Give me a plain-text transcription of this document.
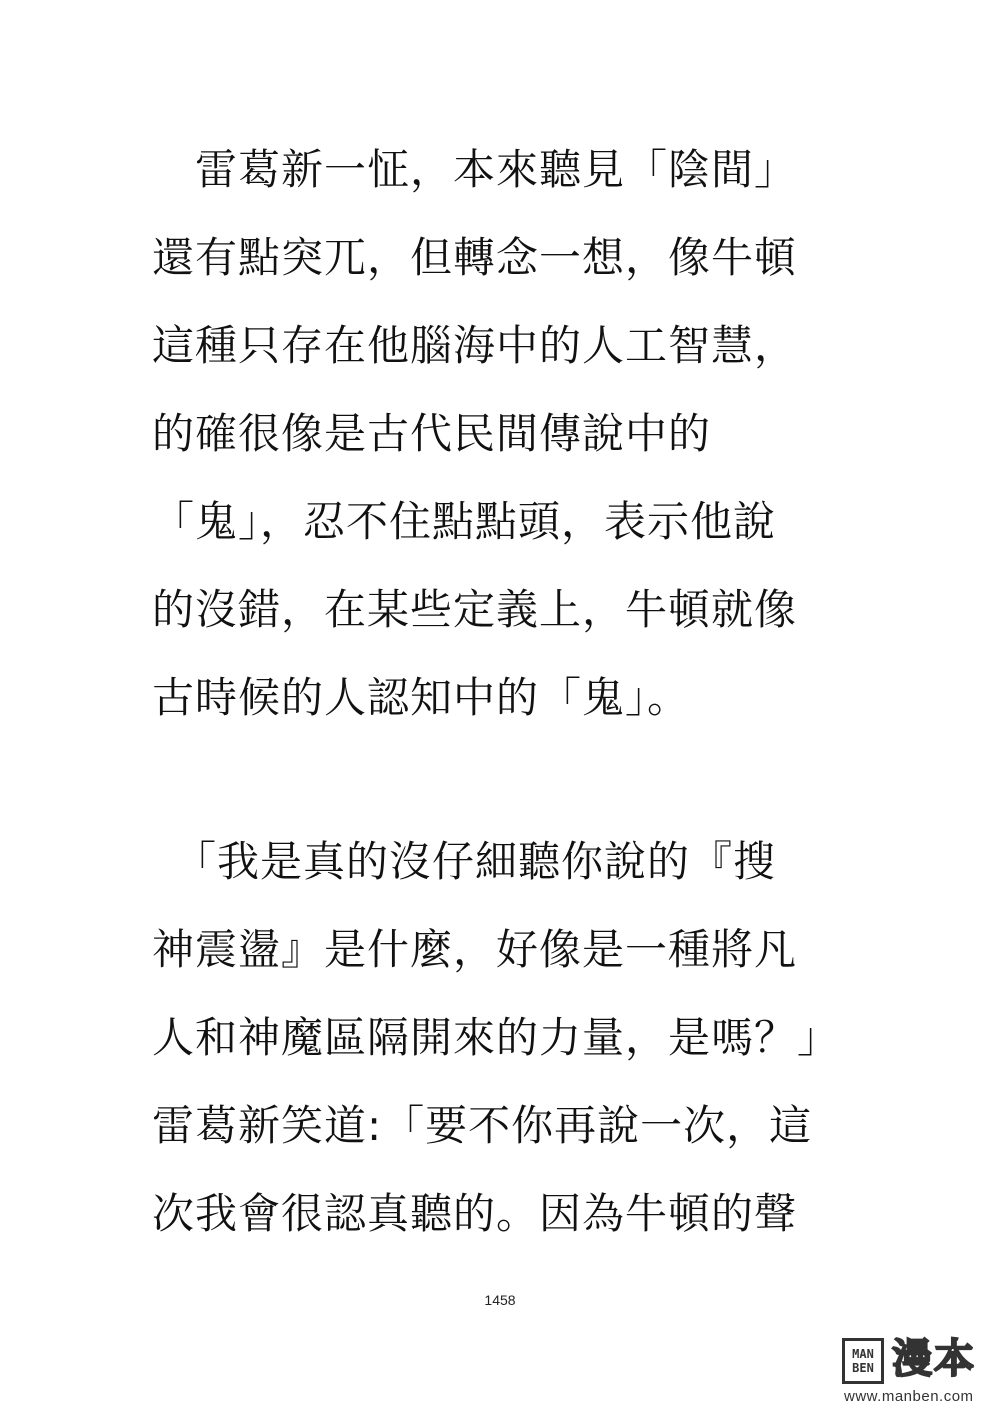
　雷葛新一怔，本來聽見「陰間」
還有點突兀，但轉念一想，像牛頓
這種只存在他腦海中的人工智慧，
的確很像是古代民間傳說中的
「鬼」，忍不住點點頭，表示他說
的沒錯，在某些定義上，牛頓就像
古時候的人認知中的「鬼」。
　「我是真的沒仔細聽你說的『搜
神震盪』是什麼，好像是一種將凡
人和神魔區隔開來的力量，是嗎？」
雷葛新笑道:「要不你再說一次，這
次我會很認真聽的。因為牛頓的聲
1458
MAN
BEN 漫本
www.manben.com
